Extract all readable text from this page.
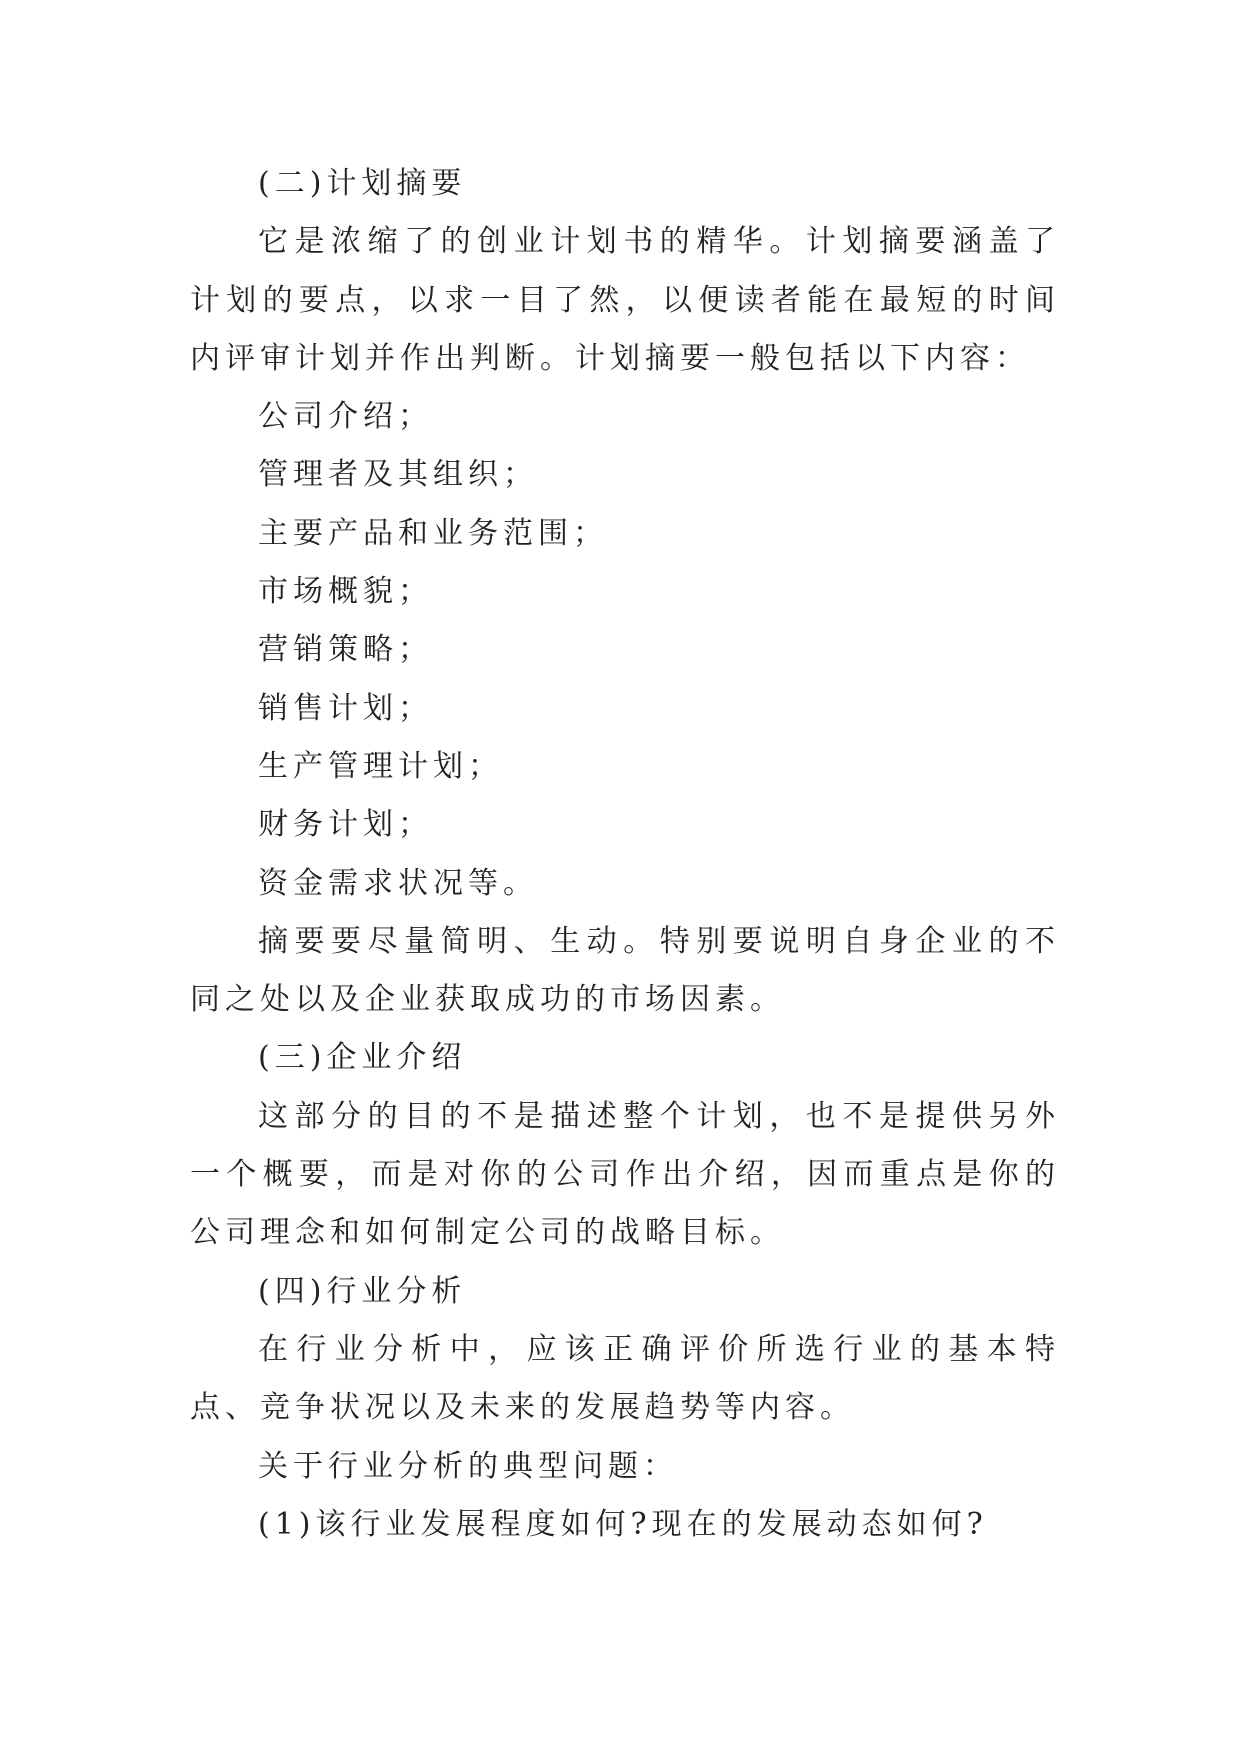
(二)计划摘要

它是浓缩了的创业计划书的精华。计划摘要涵盖了计划的要点，以求一目了然，以便读者能在最短的时间内评审计划并作出判断。计划摘要一般包括以下内容：

公司介绍；

管理者及其组织；

主要产品和业务范围；

市场概貌；

营销策略；

销售计划；

生产管理计划；

财务计划；

资金需求状况等。

摘要要尽量简明、生动。特别要说明自身企业的不同之处以及企业获取成功的市场因素。

(三)企业介绍

这部分的目的不是描述整个计划，也不是提供另外一个概要，而是对你的公司作出介绍，因而重点是你的公司理念和如何制定公司的战略目标。

(四)行业分析

在行业分析中，应该正确评价所选行业的基本特点、竞争状况以及未来的发展趋势等内容。

关于行业分析的典型问题：

(1)该行业发展程度如何?现在的发展动态如何?
